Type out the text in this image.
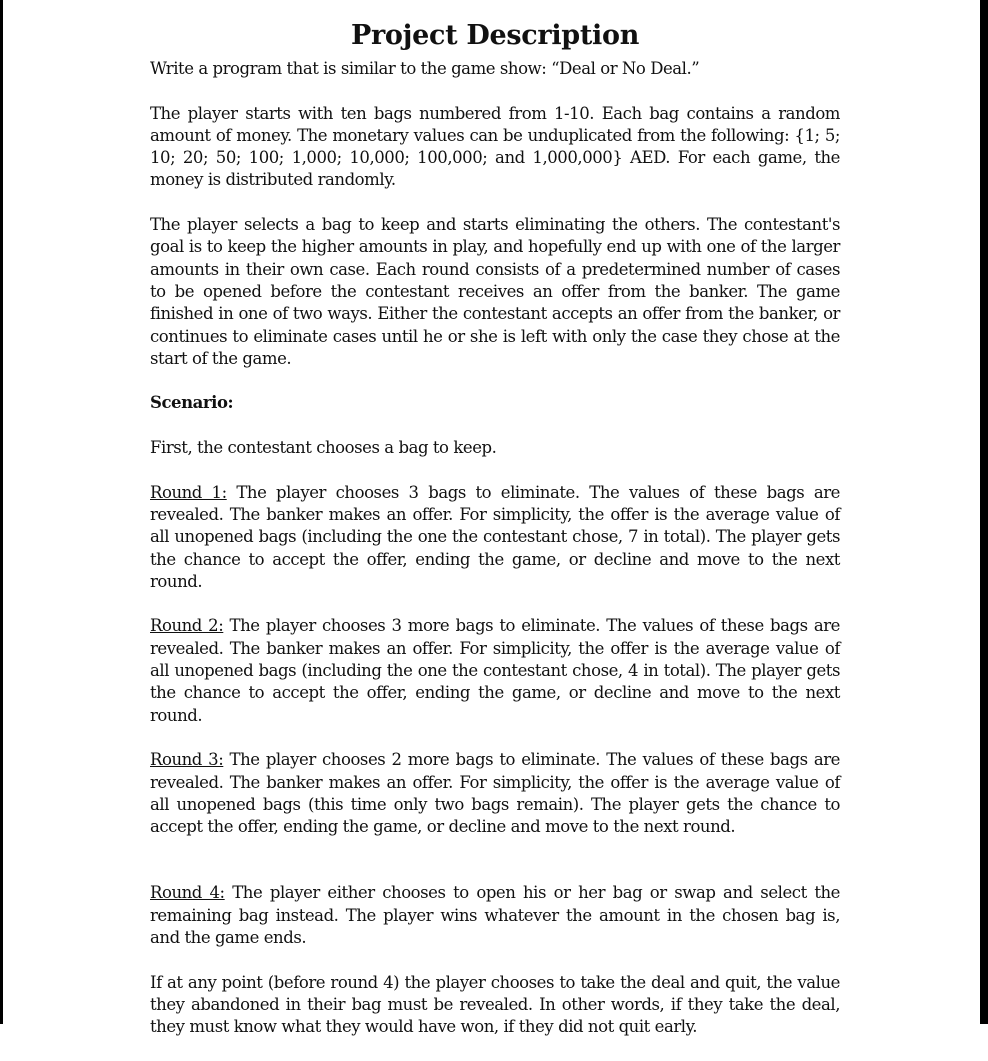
Project Description

Write a program that is similar to the game show: “Deal or No Deal.”

The player starts with ten bags numbered from 1-10. Each bag contains a random amount of money. The monetary values can be unduplicated from the following: {1; 5; 10; 20; 50; 100; 1,000; 10,000; 100,000; and 1,000,000} AED. For each game, the money is distributed randomly.

The player selects a bag to keep and starts eliminating the others. The contestant's goal is to keep the higher amounts in play, and hopefully end up with one of the larger amounts in their own case. Each round consists of a predetermined number of cases to be opened before the contestant receives an offer from the banker. The game finished in one of two ways. Either the contestant accepts an offer from the banker, or continues to eliminate cases until he or she is left with only the case they chose at the start of the game.

Scenario:

First, the contestant chooses a bag to keep.

Round 1: The player chooses 3 bags to eliminate. The values of these bags are revealed. The banker makes an offer. For simplicity, the offer is the average value of all unopened bags (including the one the contestant chose, 7 in total). The player gets the chance to accept the offer, ending the game, or decline and move to the next round.

Round 2: The player chooses 3 more bags to eliminate. The values of these bags are revealed. The banker makes an offer. For simplicity, the offer is the average value of all unopened bags (including the one the contestant chose, 4 in total). The player gets the chance to accept the offer, ending the game, or decline and move to the next round.

Round 3: The player chooses 2 more bags to eliminate. The values of these bags are revealed. The banker makes an offer. For simplicity, the offer is the average value of all unopened bags (this time only two bags remain). The player gets the chance to accept the offer, ending the game, or decline and move to the next round.

Round 4: The player either chooses to open his or her bag or swap and select the remaining bag instead. The player wins whatever the amount in the chosen bag is, and the game ends.

If at any point (before round 4) the player chooses to take the deal and quit, the value they abandoned in their bag must be revealed. In other words, if they take the deal, they must know what they would have won, if they did not quit early.
